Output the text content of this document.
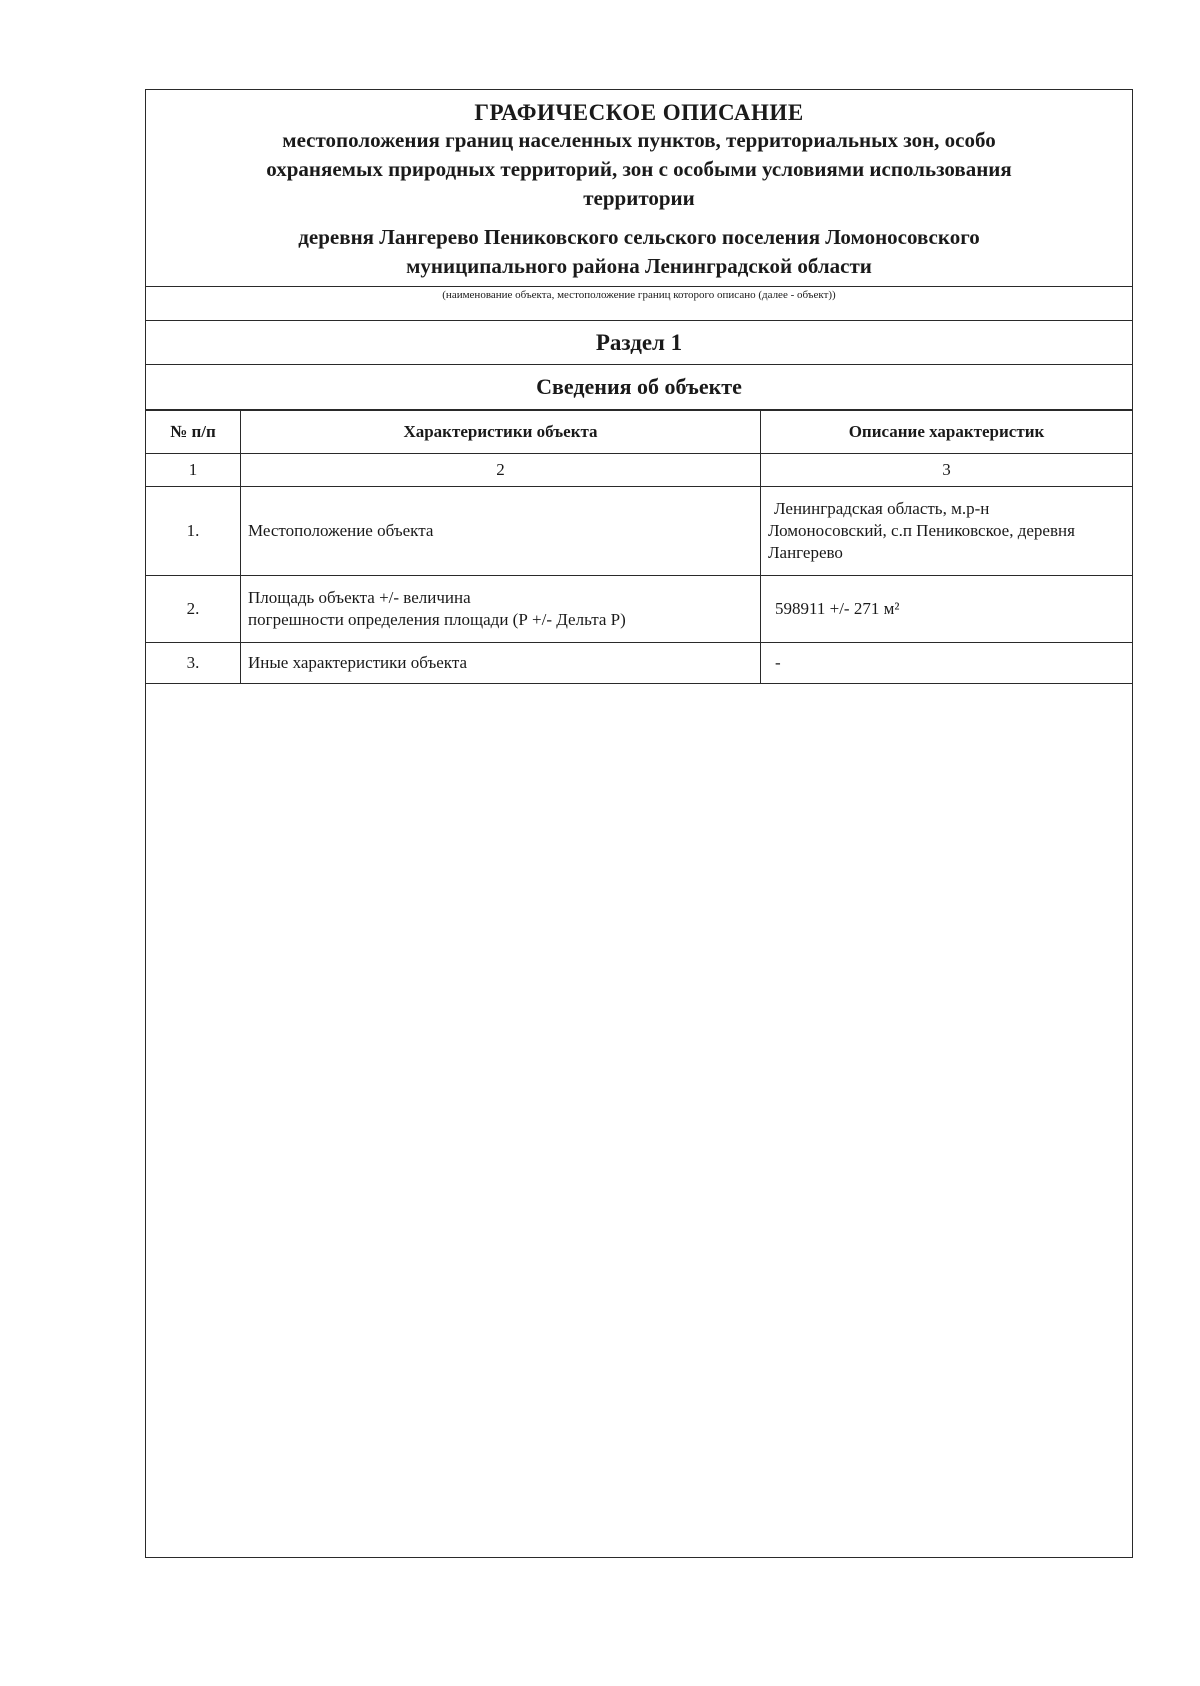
ГРАФИЧЕСКОЕ ОПИСАНИЕ
местоположения границ населенных пунктов, территориальных зон, особо
охраняемых природных территорий, зон с особыми условиями использования
территории
деревня Лангерево Пениковского сельского поселения Ломоносовского
муниципального района Ленинградской области
(наименование объекта, местоположение границ которого описано (далее - объект))
Раздел 1
Сведения об объекте
№ п/п	Характеристики объекта	Описание характеристик
1	2	3
1.	Местоположение объекта	Ленинградская область, м.р-н
Ломоносовский, с.п Пениковское, деревня
Лангерево

2.	Площадь объекта +/- величина
погрешности определения площади (Р +/- Дельта Р)	598911 +/- 271 м²
3.	Иные характеристики объекта	-
